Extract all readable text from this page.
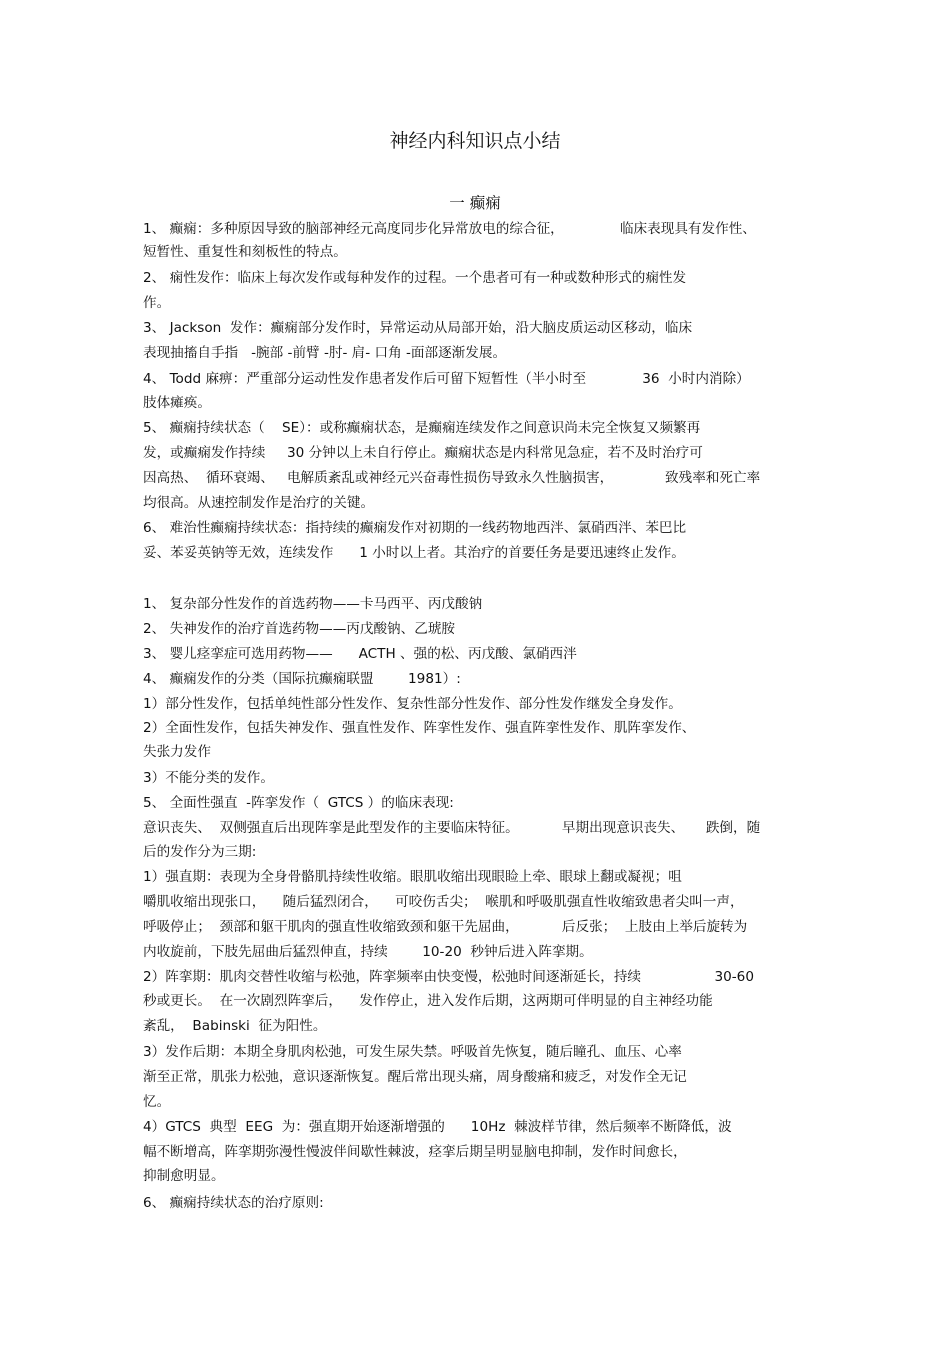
神经内科知识点小结
一 癫痫

1、 癫痫：多种原因导致的脑部神经元高度同步化异常放电的综合征，             临床表现具有发作性、

短暂性、重复性和刻板性的特点。

2、 痫性发作：临床上每次发作或每种发作的过程。一个患者可有一种或数种形式的痫性发

作。

3、 Jackson  发作：癫痫部分发作时，异常运动从局部开始，沿大脑皮质运动区移动，临床

表现抽搐自手指   -腕部 -前臂 -肘- 肩- 口角 -面部逐渐发展。

4、 Todd 麻痹：严重部分运动性发作患者发作后可留下短暂性（半小时至             36  小时内消除）

肢体瘫痪。

5、 癫痫持续状态（    SE）：或称癫痫状态，是癫痫连续发作之间意识尚未完全恢复又频繁再

发，或癫痫发作持续     30 分钟以上未自行停止。癫痫状态是内科常见急症，若不及时治疗可

因高热、  循环衰竭、   电解质紊乱或神经元兴奋毒性损伤导致永久性脑损害，            致残率和死亡率

均很高。从速控制发作是治疗的关键。

6、 难治性癫痫持续状态：指持续的癫痫发作对初期的一线药物地西泮、氯硝西泮、苯巴比

妥、苯妥英钠等无效，连续发作      1 小时以上者。其治疗的首要任务是要迅速终止发作。

1、 复杂部分性发作的首选药物——卡马西平、丙戊酸钠

2、 失神发作的治疗首选药物——丙戊酸钠、乙琥胺

3、 婴儿痉挛症可选用药物——      ACTH 、强的松、丙戊酸、氯硝西泮

4、 癫痫发作的分类（国际抗癫痫联盟        1981）:

1）部分性发作，包括单纯性部分性发作、复杂性部分性发作、部分性发作继发全身发作。

2）全面性发作，包括失神发作、强直性发作、阵挛性发作、强直阵挛性发作、肌阵挛发作、

失张力发作

3）不能分类的发作。

5、 全面性强直  -阵挛发作（  GTCS ）的临床表现:

意识丧失、  双侧强直后出现阵挛是此型发作的主要临床特征。          早期出现意识丧失、     跌倒，随

后的发作分为三期:

1）强直期：表现为全身骨骼肌持续性收缩。眼肌收缩出现眼睑上牵、眼球上翻或凝视；咀

嚼肌收缩出现张口，    随后猛烈闭合，    可咬伤舌尖；  喉肌和呼吸肌强直性收缩致患者尖叫一声，

呼吸停止；  颈部和躯干肌肉的强直性收缩致颈和躯干先屈曲，          后反张；  上肢由上举后旋转为

内收旋前，下肢先屈曲后猛烈伸直，持续        10-20  秒钟后进入阵挛期。

2）阵挛期：肌肉交替性收缩与松弛，阵挛频率由快变慢，松弛时间逐渐延长，持续                 30-60

秒或更长。  在一次剧烈阵挛后，    发作停止，进入发作后期，这两期可伴明显的自主神经功能

紊乱，  Babinski  征为阳性。

3）发作后期：本期全身肌肉松弛，可发生尿失禁。呼吸首先恢复，随后瞳孔、血压、心率

渐至正常，肌张力松弛，意识逐渐恢复。醒后常出现头痛，周身酸痛和疲乏，对发作全无记

忆。

4）GTCS  典型  EEG  为：强直期开始逐渐增强的      10Hz  棘波样节律，然后频率不断降低，波

幅不断增高，阵挛期弥漫性慢波伴间歇性棘波，痉挛后期呈明显脑电抑制，发作时间愈长，

抑制愈明显。

6、 癫痫持续状态的治疗原则:
